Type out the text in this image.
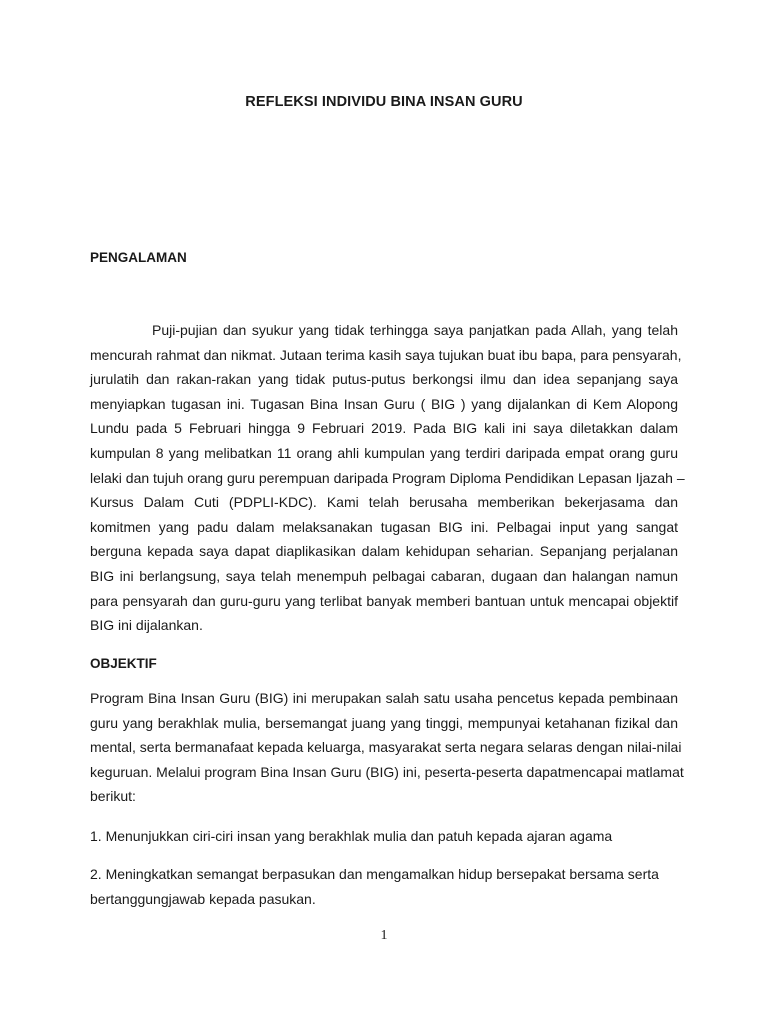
REFLEKSI INDIVIDU BINA INSAN GURU
PENGALAMAN
Puji-pujian dan syukur yang tidak terhingga saya panjatkan pada Allah, yang telah
mencurah rahmat dan nikmat. Jutaan terima kasih saya tujukan buat ibu bapa, para pensyarah,
jurulatih dan rakan-rakan yang tidak putus-putus berkongsi ilmu dan idea sepanjang saya
menyiapkan tugasan ini. Tugasan Bina Insan Guru ( BIG ) yang dijalankan di Kem Alopong
Lundu pada 5 Februari hingga 9 Februari 2019. Pada BIG kali ini saya diletakkan dalam
kumpulan 8 yang melibatkan 11 orang ahli kumpulan yang terdiri daripada empat orang guru
lelaki dan tujuh orang guru perempuan daripada Program Diploma Pendidikan Lepasan Ijazah –
Kursus Dalam Cuti (PDPLI-KDC). Kami telah berusaha memberikan bekerjasama dan
komitmen yang padu dalam melaksanakan tugasan BIG ini. Pelbagai input yang sangat
berguna kepada saya dapat diaplikasikan dalam kehidupan seharian. Sepanjang perjalanan
BIG ini berlangsung, saya telah menempuh pelbagai cabaran, dugaan dan halangan namun
para pensyarah dan guru-guru yang terlibat banyak memberi bantuan untuk mencapai objektif
BIG ini dijalankan.
OBJEKTIF
Program Bina Insan Guru (BIG) ini merupakan salah satu usaha pencetus kepada pembinaan
guru yang berakhlak mulia, bersemangat juang yang tinggi, mempunyai ketahanan fizikal dan
mental, serta bermanafaat kepada keluarga, masyarakat serta negara selaras dengan nilai-nilai
keguruan. Melalui program Bina Insan Guru (BIG) ini, peserta-peserta dapatmencapai matlamat
berikut:
1. Menunjukkan ciri-ciri insan yang berakhlak mulia dan patuh kepada ajaran agama
2. Meningkatkan semangat berpasukan dan mengamalkan hidup bersepakat bersama serta
bertanggungjawab kepada pasukan.
1
